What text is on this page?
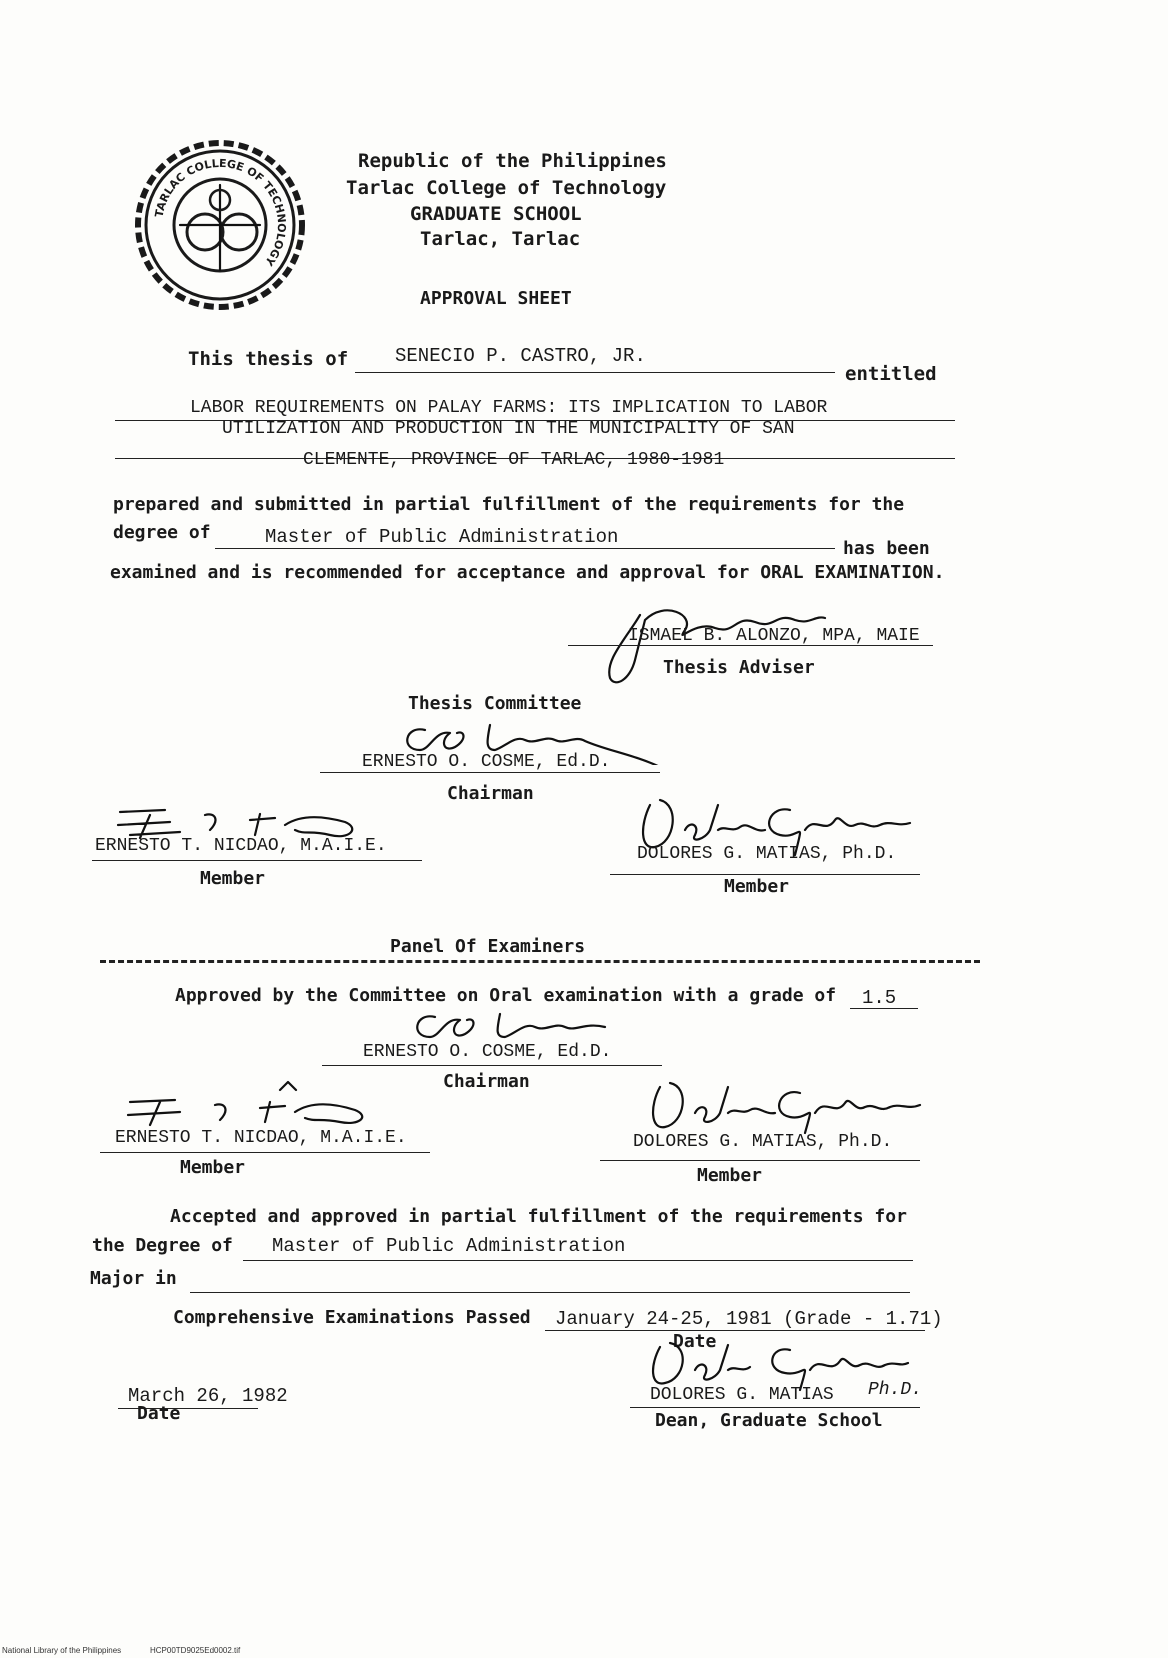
TARLAC COLLEGE OF TECHNOLOGY
Republic of the Philippines
Tarlac College of Technology
GRADUATE SCHOOL
Tarlac, Tarlac
APPROVAL SHEET
This thesis of SENECIO P. CASTRO, JR.
entitled
LABOR REQUIREMENTS ON PALAY FARMS: ITS IMPLICATION TO LABOR
UTILIZATION AND PRODUCTION IN THE MUNICIPALITY OF SAN
CLEMENTE, PROVINCE OF TARLAC, 1980-1981
prepared and submitted in partial fulfillment of the requirements for the
degree of	Master of Public Administration
has been
examined and is recommended for acceptance and approval for ORAL EXAMINATION.
ISMAEL B. ALONZO, MPA, MAIE
Thesis Adviser
Thesis Committee
ERNESTO O. COSME, Ed.D.
Chairman
ERNESTO T. NICDAO, M.A.I.E.
Member
DOLORES G. MATIAS, Ph.D.
Member
Panel Of Examiners
Approved by the Committee on Oral examination with a grade of 1.5
ERNESTO O. COSME, Ed.D.
Chairman
ERNESTO T. NICDAO, M.A.I.E.
Member
DOLORES G. MATIAS, Ph.D.
Member
Accepted and approved in partial fulfillment of the requirements for
the Degree of Master of Public Administration
Major in
Comprehensive Examinations Passed January 24-25, 1981 (Grade - 1.71)
Date
DOLORES G. MATIAS Ph.D.
Dean, Graduate School
March 26, 1982
Date
National Library of the Philippines	HCP00TD9025Ed0002.tif
